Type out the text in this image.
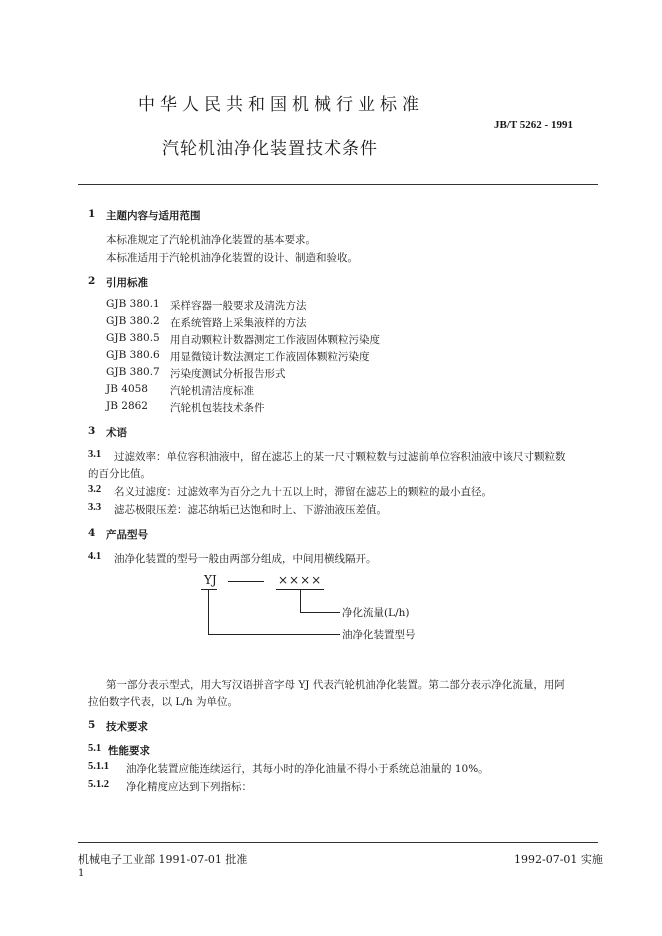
中华人民共和国机械行业标准
JB/T 5262 - 1991
汽轮机油净化装置技术条件
1 主题内容与适用范围
本标准规定了汽轮机油净化装置的基本要求。
本标准适用于汽轮机油净化装置的设计、制造和验收。
2 引用标准
GJB 380.1 采样容器一般要求及清洗方法
GJB 380.2 在系统管路上采集液样的方法
GJB 380.5 用自动颗粒计数器测定工作液固体颗粒污染度
GJB 380.6 用显微镜计数法测定工作液固体颗粒污染度
GJB 380.7 污染度测试分析报告形式
JB 4058 汽轮机清洁度标准
JB 2862 汽轮机包装技术条件
3 术语
3.1 过滤效率：单位容积油液中，留在滤芯上的某一尺寸颗粒数与过滤前单位容积油液中该尺寸颗粒数
的百分比值。
3.2 名义过滤度：过滤效率为百分之九十五以上时，滞留在滤芯上的颗粒的最小直径。
3.3 滤芯极限压差：滤芯纳垢已达饱和时上、下游油液压差值。
4 产品型号
4.1 油净化装置的型号一般由两部分组成，中间用横线隔开。
YJ	××××
净化流量(L/h)
油净化装置型号
第一部分表示型式，用大写汉语拼音字母 YJ 代表汽轮机油净化装置。第二部分表示净化流量，用阿
拉伯数字代表，以 L/h 为单位。
5 技术要求
5.1 性能要求
5.1.1 油净化装置应能连续运行，其每小时的净化油量不得小于系统总油量的 10%。
5.1.2 净化精度应达到下列指标：
机械电子工业部 1991-07-01 批准	1992-07-01 实施
1
